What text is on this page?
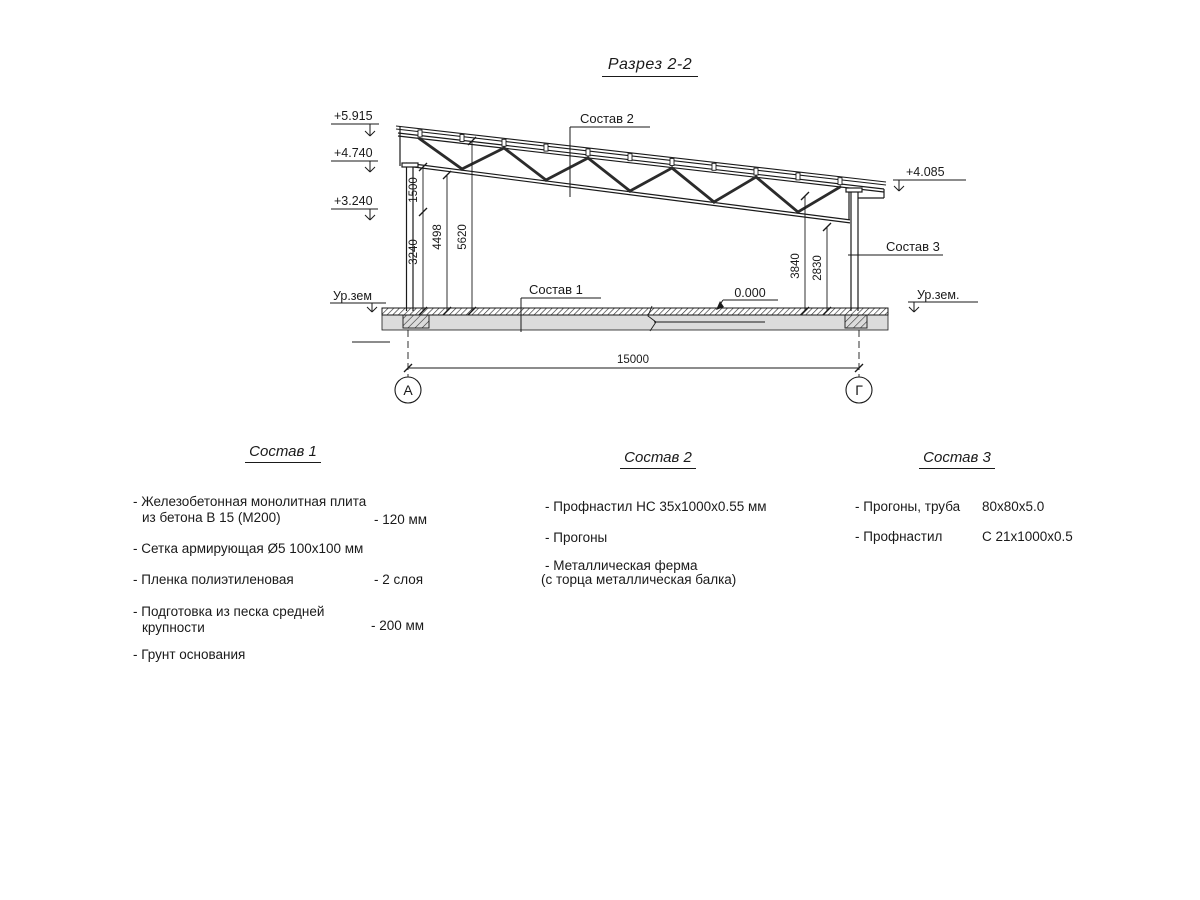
Разрез 2-2
+5.915
+4.740
+3.240
+4.085
Ур.зем	Ур.зем.
0.000
Состав 2
Состав 1
Состав 3
1500
3240
4498 5620
3840 2830
15000
А	Г
Состав 1
- Железобетонная монолитная плита
из бетона В 15 (М200)	- 120 мм
- Сетка армирующая Ø5 100x100 мм
- Пленка полиэтиленовая	- 2 слоя
- Подготовка из песка средней
крупности	- 200 мм
- Грунт основания
Состав 2
- Профнастил НС 35x1000x0.55 мм
- Прогоны
- Металлическая ферма
(с торца металлическая балка)
Состав 3
- Прогоны, труба 80x80x5.0
- Профнастил	С 21x1000x0.5
